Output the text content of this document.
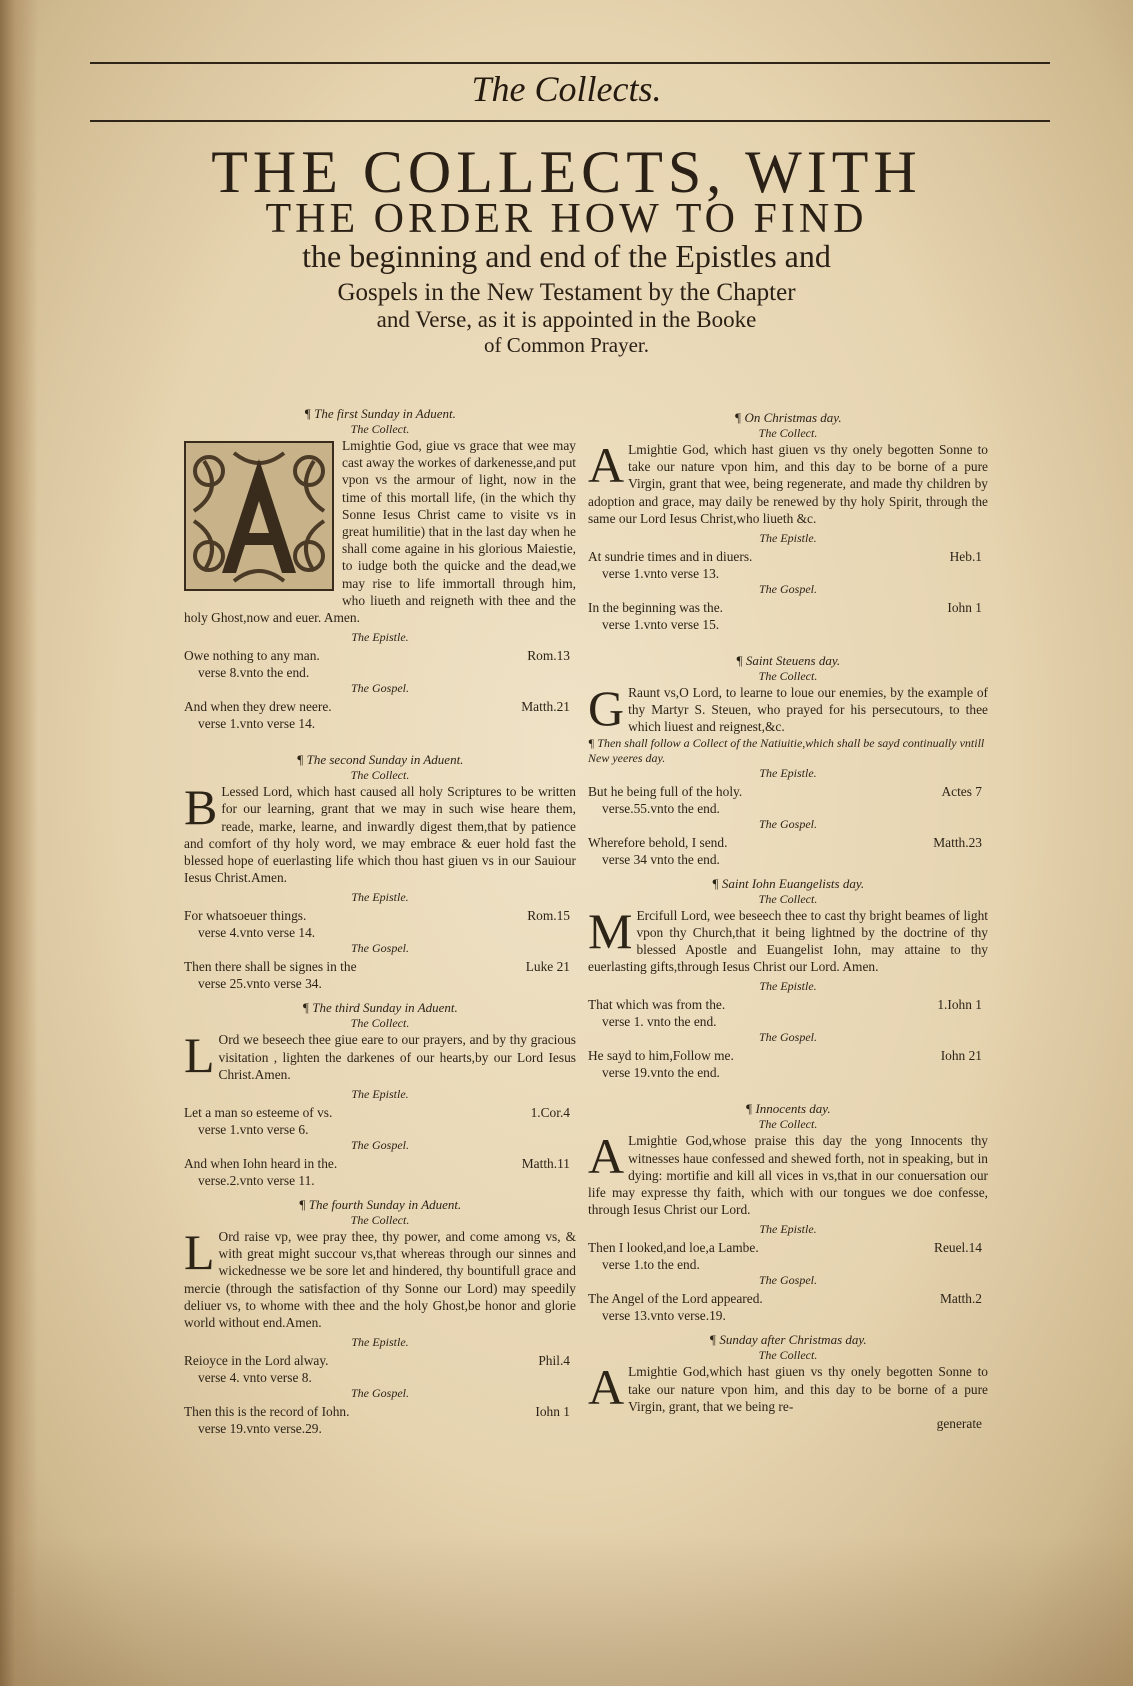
The Collects.
THE COLLECTS, WITH
THE ORDER HOW TO FIND
the beginning and end of the Epistles and
Gospels in the New Testament by the Chapter
and Verse, as it is appointed in the Booke
of Common Prayer.
¶ The first Sunday in Aduent.
The Collect.
Lmightie God, giue vs grace that wee may cast away the workes of darkenesse,and put vpon vs the armour of light, now in the time of this mortall life, (in the which thy Sonne Iesus Christ came to visite vs in great humilitie) that in the last day when he shall come againe in his glorious Maiestie, to iudge both the quicke and the dead,we may rise to life immortall through him, who liueth and reigneth with thee and the holy Ghost,now and euer. Amen.
The Epistle.
Owe nothing to any man.
verse 8.vnto the end.
Rom.13
The Gospel.
And when they drew neere.
verse 1.vnto verse 14.
Matth.21
¶ The second Sunday in Aduent.
The Collect.
B Lessed Lord, which hast caused all holy Scriptures to be written for our learning, grant that we may in such wise heare them, reade, marke, learne, and inwardly digest them,that by patience and comfort of thy holy word, we may embrace & euer hold fast the blessed hope of euerlasting life which thou hast giuen vs in our Sauiour Iesus Christ.Amen.
The Epistle.
For whatsoeuer things.
verse 4.vnto verse 14.
Rom.15
The Gospel.
Then there shall be signes in the
verse 25.vnto verse 34.
Luke 21
¶ The third Sunday in Aduent.
The Collect.
L Ord we beseech thee giue eare to our prayers, and by thy gracious visitation , lighten the darkenes of our hearts,by our Lord Iesus Christ.Amen.
The Epistle.
Let a man so esteeme of vs.
verse 1.vnto verse 6.
1.Cor.4
The Gospel.
And when Iohn heard in the.
verse.2.vnto verse 11.
Matth.11
¶ The fourth Sunday in Aduent.
The Collect.
L Ord raise vp, wee pray thee, thy power, and come among vs, & with great might succour vs,that whereas through our sinnes and wickednesse we be sore let and hindered, thy bountifull grace and mercie (through the satisfaction of thy Sonne our Lord) may speedily deliuer vs, to whome with thee and the holy Ghost,be honor and glorie world without end.Amen.
The Epistle.
Reioyce in the Lord alway.
verse 4. vnto verse 8.
Phil.4
The Gospel.
Then this is the record of Iohn.
verse 19.vnto verse.29.
Iohn 1
¶ On Christmas day.
The Collect.
A Lmightie God, which hast giuen vs thy onely begotten Sonne to take our nature vpon him, and this day to be borne of a pure Virgin, grant that wee, being regenerate, and made thy children by adoption and grace, may daily be renewed by thy holy Spirit, through the same our Lord Iesus Christ,who liueth &c.
The Epistle.
At sundrie times and in diuers.
verse 1.vnto verse 13.
Heb.1
The Gospel.
In the beginning was the.
verse 1.vnto verse 15.
Iohn 1
¶ Saint Steuens day.
The Collect.
G Raunt vs,O Lord, to learne to loue our enemies, by the example of thy Martyr S. Steuen, who prayed for his persecutours, to thee which liuest and reignest,&c.
¶ Then shall follow a Collect of the Natiuitie,which shall be sayd continually vntill New yeeres day.
The Epistle.
But he being full of the holy.
verse.55.vnto the end.
Actes 7
The Gospel.
Wherefore behold, I send.
verse 34 vnto the end.
Matth.23
¶ Saint Iohn Euangelists day.
The Collect.
M Ercifull Lord, wee beseech thee to cast thy bright beames of light vpon thy Church,that it being lightned by the doctrine of thy blessed Apostle and Euangelist Iohn, may attaine to thy euerlasting gifts,through Iesus Christ our Lord. Amen.
The Epistle.
That which was from the.
verse 1. vnto the end.
1.Iohn 1
The Gospel.
He sayd to him,Follow me.
verse 19.vnto the end.
Iohn 21
¶ Innocents day.
The Collect.
A Lmightie God,whose praise this day the yong Innocents thy witnesses haue confessed and shewed forth, not in speaking, but in dying: mortifie and kill all vices in vs,that in our conuersation our life may expresse thy faith, which with our tongues we doe confesse, through Iesus Christ our Lord.
The Epistle.
Then I looked,and loe,a Lambe.
verse 1.to the end.
Reuel.14
The Gospel.
The Angel of the Lord appeared.
verse 13.vnto verse.19.
Matth.2
¶ Sunday after Christmas day.
The Collect.
A Lmightie God,which hast giuen vs thy onely begotten Sonne to take our nature vpon him, and this day to be borne of a pure Virgin, grant, that we being re-
generate
